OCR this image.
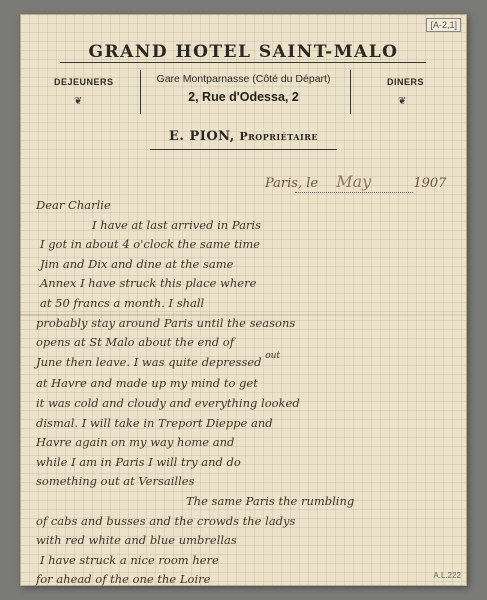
[A-2,1]
A.L.222
GRAND HOTEL SAINT-MALO
DEJEUNERS	DINERS
❦	❦
Gare Montparnasse (Côté du Départ)
2, Rue d'Odessa, 2
E. PION, Propriétaire
Paris, le May	1907
Dear Charlie
I have at last arrived in Paris
I got in about 4 o'clock the same time
Jim and Dix and dine at the same
Annex I have struck this place where
at 50 francs a month. I shall
probably stay around Paris until the seasons
opens at St Malo about the end of
June then leave. I was quite depressed $^{out}$
at Havre and made up my mind to get
it was cold and cloudy and everything looked
dismal. I will take in Treport Dieppe and
Havre again on my way home and
while I am in Paris I will try and do
something out at Versailles
The same Paris the rumbling
of cabs and busses and the crowds the ladys
with red white and blue umbrellas
I have struck a nice room here
for ahead of the one the Loire
